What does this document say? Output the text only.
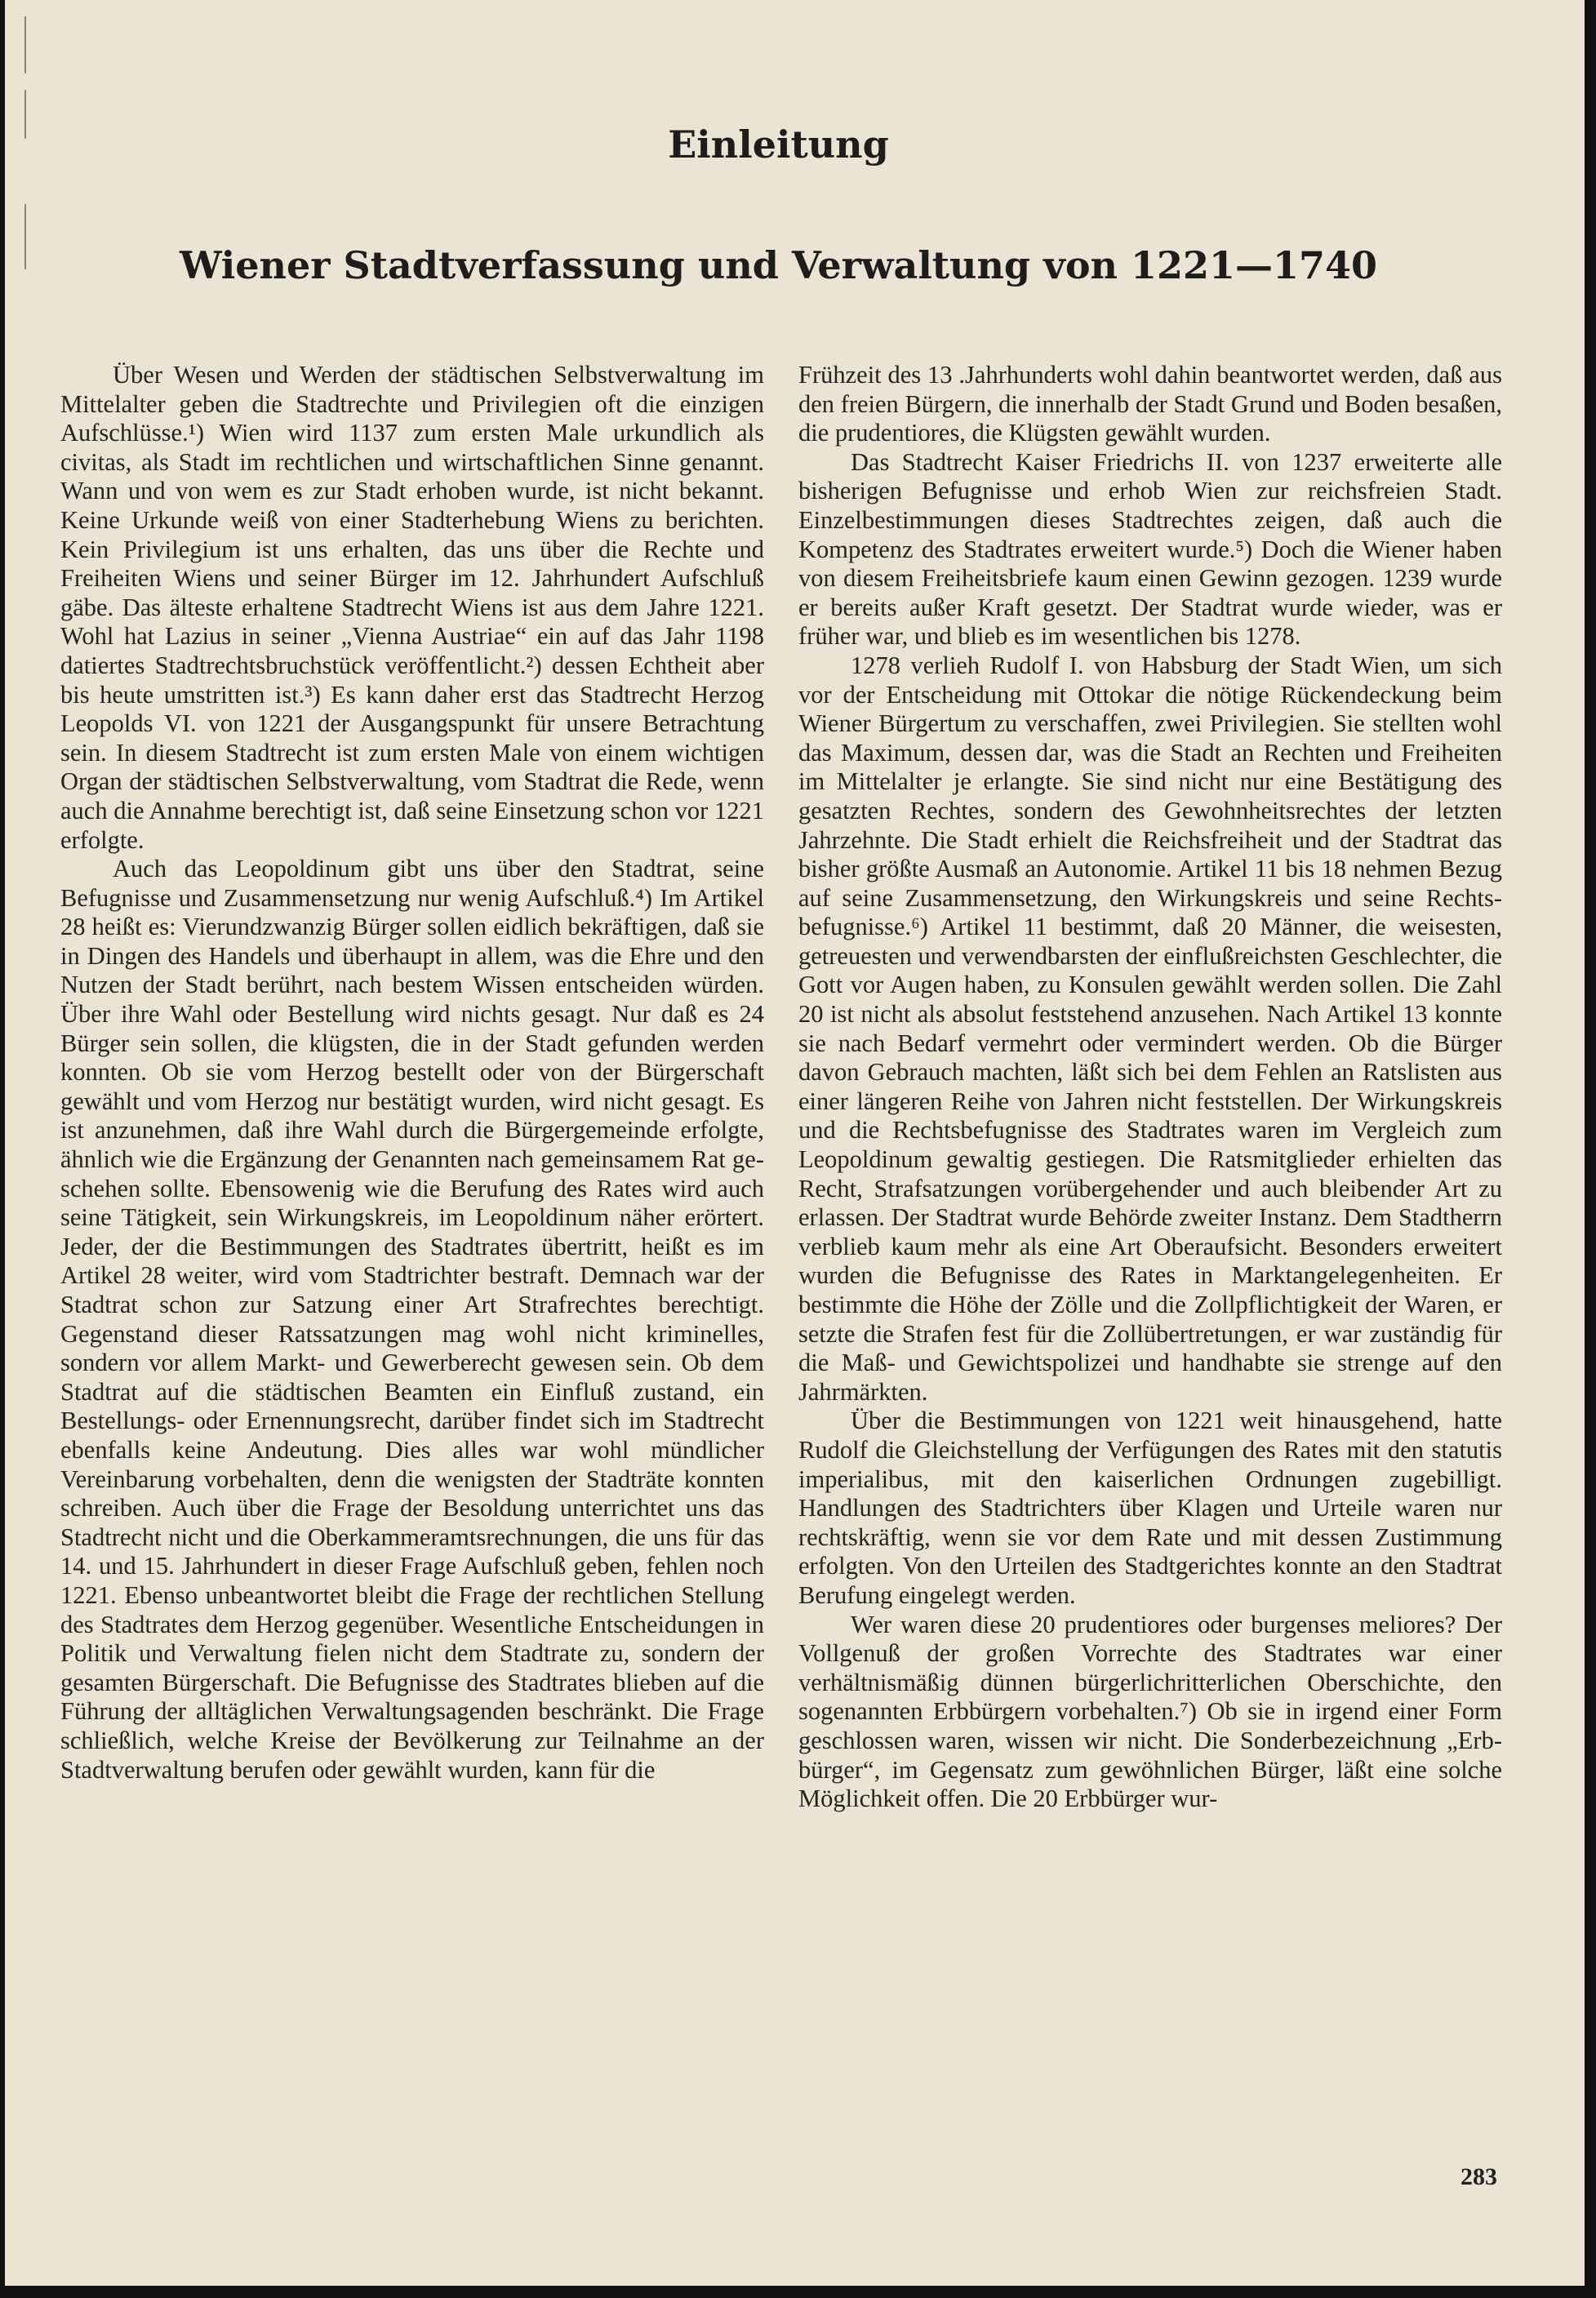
Einleitung
Wiener Stadtverfassung und Verwaltung von 1221—1740

Über Wesen und Werden der städtischen Selbstverwaltung im Mittelalter geben die Stadtrechte und Privilegien oft die einzigen Aufschlüsse.¹) Wien wird 1137 zum ersten Male urkundlich als civitas, als Stadt im rechtlichen und wirtschaftlichen Sinne genannt. Wann und von wem es zur Stadt erhoben wurde, ist nicht bekannt. Keine Urkunde weiß von einer Stadterhebung Wiens zu berichten. Kein Privilegium ist uns erhalten, das uns über die Rechte und Freiheiten Wiens und seiner Bürger im 12. Jahrhundert Aufschluß gäbe. Das älteste erhaltene Stadtrecht Wiens ist aus dem Jahre 1221. Wohl hat Lazius in seiner „Vienna Austriae“ ein auf das Jahr 1198 datiertes Stadtrechtsbruchstück veröffentlicht.²) dessen Echtheit aber bis heute umstritten ist.³) Es kann daher erst das Stadtrecht Herzog Leopolds VI. von 1221 der Ausgangspunkt für unsere Betrachtung sein. In diesem Stadtrecht ist zum ersten Male von einem wichtigen Organ der städtischen Selbstverwaltung, vom Stadtrat die Rede, wenn auch die Annahme berechtigt ist, daß seine Einsetzung schon vor 1221 erfolgte.

Auch das Leopoldinum gibt uns über den Stadtrat, seine Befugnisse und Zusammensetzung nur wenig Aufschluß.⁴) Im Artikel 28 heißt es: Vierundzwanzig Bürger sollen eidlich bekräftigen, daß sie in Dingen des Handels und überhaupt in allem, was die Ehre und den Nutzen der Stadt berührt, nach bestem Wissen entscheiden würden. Über ihre Wahl oder Bestellung wird nichts gesagt. Nur daß es 24 Bürger sein sollen, die klügsten, die in der Stadt gefunden werden konnten. Ob sie vom Herzog bestellt oder von der Bürgerschaft gewählt und vom Herzog nur bestätigt wurden, wird nicht gesagt. Es ist anzunehmen, daß ihre Wahl durch die Bürgergemeinde erfolgte, ähnlich wie die Ergänzung der Genannten nach gemeinsamem Rat geschehen sollte. Ebensowenig wie die Berufung des Rates wird auch seine Tätigkeit, sein Wirkungskreis, im Leopoldinum näher erörtert. Jeder, der die Bestimmungen des Stadtrates übertritt, heißt es im Artikel 28 weiter, wird vom Stadtrichter bestraft. Demnach war der Stadtrat schon zur Satzung einer Art Strafrechtes berechtigt. Gegenstand dieser Ratssatzungen mag wohl nicht kriminelles, sondern vor allem Markt- und Gewerberecht gewesen sein. Ob dem Stadtrat auf die städtischen Beamten ein Einfluß zustand, ein Bestellungs- oder Ernennungsrecht, darüber findet sich im Stadtrecht ebenfalls keine Andeutung. Dies alles war wohl mündlicher Vereinbarung vorbehalten, denn die wenigsten der Stadträte konnten schreiben. Auch über die Frage der Besoldung unterrichtet uns das Stadtrecht nicht und die Oberkammeramtsrechnungen, die uns für das 14. und 15. Jahrhundert in dieser Frage Aufschluß geben, fehlen noch 1221. Ebenso unbeantwortet bleibt die Frage der rechtlichen Stellung des Stadtrates dem Herzog gegenüber. Wesentliche Entscheidungen in Politik und Verwaltung fielen nicht dem Stadtrate zu, sondern der gesamten Bürgerschaft. Die Befugnisse des Stadtrates blieben auf die Führung der alltäglichen Verwaltungsagenden beschränkt. Die Frage schließlich, welche Kreise der Bevölkerung zur Teilnahme an der Stadtverwaltung berufen oder gewählt wurden, kann für die

Frühzeit des 13 .Jahrhunderts wohl dahin beantwortet werden, daß aus den freien Bürgern, die innerhalb der Stadt Grund und Boden besaßen, die prudentiores, die Klügsten gewählt wurden.

Das Stadtrecht Kaiser Friedrichs II. von 1237 erweiterte alle bisherigen Befugnisse und erhob Wien zur reichsfreien Stadt. Einzelbestimmungen dieses Stadtrechtes zeigen, daß auch die Kompetenz des Stadtrates erweitert wurde.⁵) Doch die Wiener haben von diesem Freiheitsbriefe kaum einen Gewinn gezogen. 1239 wurde er bereits außer Kraft gesetzt. Der Stadtrat wurde wieder, was er früher war, und blieb es im wesentlichen bis 1278.

1278 verlieh Rudolf I. von Habsburg der Stadt Wien, um sich vor der Entscheidung mit Ottokar die nötige Rückendeckung beim Wiener Bürgertum zu verschaffen, zwei Privilegien. Sie stellten wohl das Maximum, dessen dar, was die Stadt an Rechten und Freiheiten im Mittelalter je erlangte. Sie sind nicht nur eine Bestätigung des gesatzten Rechtes, sondern des Gewohnheitsrechtes der letzten Jahrzehnte. Die Stadt erhielt die Reichsfreiheit und der Stadtrat das bisher größte Ausmaß an Autonomie. Artikel 11 bis 18 nehmen Bezug auf seine Zusammensetzung, den Wirkungskreis und seine Rechtsbefugnisse.⁶) Artikel 11 bestimmt, daß 20 Männer, die weisesten, getreuesten und verwendbarsten der einflußreichsten Geschlechter, die Gott vor Augen haben, zu Konsulen gewählt werden sollen. Die Zahl 20 ist nicht als absolut feststehend anzusehen. Nach Artikel 13 konnte sie nach Bedarf vermehrt oder vermindert werden. Ob die Bürger davon Gebrauch machten, läßt sich bei dem Fehlen an Ratslisten aus einer längeren Reihe von Jahren nicht feststellen. Der Wirkungskreis und die Rechtsbefugnisse des Stadtrates waren im Vergleich zum Leopoldinum gewaltig gestiegen. Die Ratsmitglieder erhielten das Recht, Strafsatzungen vorübergehender und auch bleibender Art zu erlassen. Der Stadtrat wurde Behörde zweiter Instanz. Dem Stadtherrn verblieb kaum mehr als eine Art Oberaufsicht. Besonders erweitert wurden die Befugnisse des Rates in Marktangelegenheiten. Er bestimmte die Höhe der Zölle und die Zollpflichtigkeit der Waren, er setzte die Strafen fest für die Zollübertretungen, er war zuständig für die Maß- und Gewichtspolizei und handhabte sie strenge auf den Jahrmärkten.

Über die Bestimmungen von 1221 weit hinausgehend, hatte Rudolf die Gleichstellung der Verfügungen des Rates mit den statutis imperialibus, mit den kaiserlichen Ordnungen zugebilligt. Handlungen des Stadtrichters über Klagen und Urteile waren nur rechtskräftig, wenn sie vor dem Rate und mit dessen Zustimmung erfolgten. Von den Urteilen des Stadtgerichtes konnte an den Stadtrat Berufung eingelegt werden.

Wer waren diese 20 prudentiores oder burgenses meliores? Der Vollgenuß der großen Vorrechte des Stadtrates war einer verhältnismäßig dünnen bürgerlichritterlichen Oberschichte, den sogenannten Erbbürgern vorbehalten.⁷) Ob sie in irgend einer Form geschlossen waren, wissen wir nicht. Die Sonderbezeichnung „Erbbürger“, im Gegensatz zum gewöhnlichen Bürger, läßt eine solche Möglichkeit offen. Die 20 Erbbürger wur-

283
